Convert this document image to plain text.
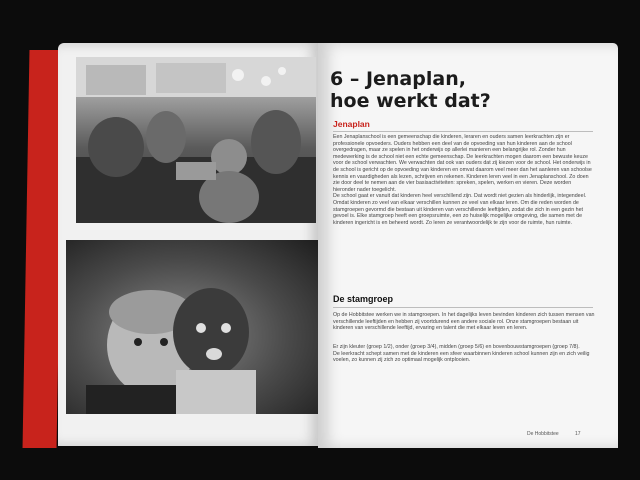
6 – Jenaplan,
hoe werkt dat?
Jenaplan

Een Jenaplanschool is een gemeenschap die kinderen, leraren en ouders samen leerkrachten zijn er professionele opvoeders. Ouders hebben een deel van de opvoeding van hun kinderen aan de school overgedragen, maar ze spelen in het onderwijs op allerlei manieren een belangrijke rol. Zonder hun medewerking is de school niet een echte gemeenschap. De leerkrachten mogen daarom een bewuste keuze voor de school verwachten. We verwachten dat ook van ouders dat zij kiezen voor de school. Het onderwijs in de school is gericht op de opvoeding van kinderen en omvat daarom veel meer dan het aanleren van schoolse kennis en vaardigheden als lezen, schrijven en rekenen. Kinderen leren veel in een Jenaplanschool. Zo doen zie door deel te nemen aan de vier basisactiviteiten: spreken, spelen, werken en vieren. Deze worden hieronder nader toegelicht.
De school gaat er vanuit dat kinderen heel verschillend zijn. Dat wordt niet gezien als hinderlijk, integendeel. Omdat kinderen zo veel van elkaar verschillen kunnen ze veel van elkaar leren. Om die reden worden de stamgroepen gevormd die bestaan uit kinderen van verschillende leeftijden, zodat die zich in een gezin het gevoel is. Elke stamgroep heeft een groepsruimte, een zo huiselijk mogelijke omgeving, die samen met de kinderen ingericht is en beheerd wordt. Zo leren ze verantwoordelijk te zijn voor de ruimte, hun ruimte.

De stamgroep

Op de Hobbitstee werken we in stamgroepen. In het dagelijks leven bevinden kinderen zich tussen mensen van verschillende leeftijden en hebben zij voortdurend een andere sociale rol. Onze stamgroepen bestaan uit kinderen van verschillende leeftijd, ervaring en talent die met elkaar leven en leren.

Er zijn kleuter (groep 1/2), onder (groep 3/4), midden (groep 5/6) en bovenbouwstamgroepen (groep 7/8).
De leerkracht schept samen met de kinderen een sfeer waarbinnen kinderen school kunnen zijn en zich veilig voelen, zo kunnen zij zich zo optimaal mogelijk ontplooien.

De Hobbitstee	17
